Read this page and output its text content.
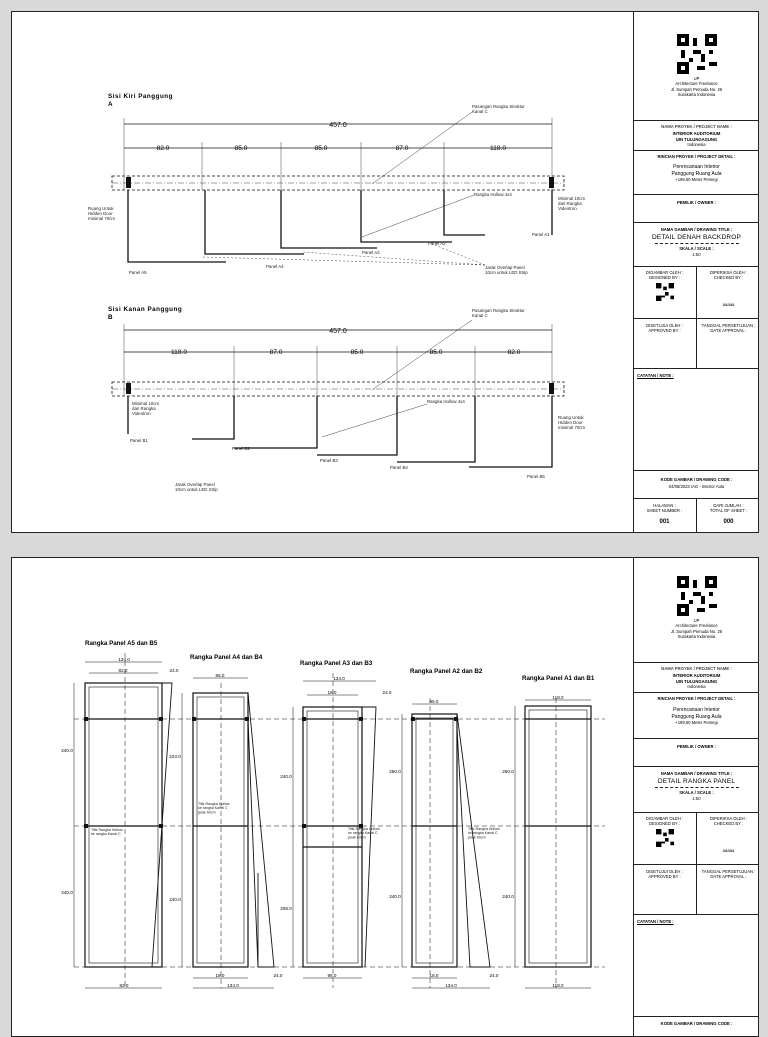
Sisi Kiri Panggung
A
457.0
82.0	85.0	85.0	87.0	118.0
Pasangan Rangka Struktur Kanal C
Rangka Hollow 4x4
Ruang Untuk Hidden Door minimal 70cm
Minimal 10cm dari Rangka Videotron
Jarak Overlap Panel 10cm untuk LED Strip
Panel A1
Panel A2
Panel A3
Panel A4
Panel A5
Sisi Kanan Panggung
B
457.0
118.0	87.0	85.0	85.0	82.0
Pasangan Rangka Struktur Kanal C
Rangka Hollow 4x4
Minimal 10cm dari Rangka Videotron
Ruang Untuk Hidden Door minimal 70cm
Jarak Overlap Panel 10cm untuk LED Strip
Panel B1
Panel B2
Panel B3
Panel B4
Panel B5
UP
Architecture Freelance
Jl. Sumpah Pemuda No. 26
Surakarta Indonesia
NAMA PROYEK / PROJECT NAME :
INTERIOR AUDITORIUM
UIN TULUNGAGUNG
Indonesia
RINCIAN PROYEK / PROJECT DETAIL :
Perencanaan Interior
Panggung Ruang Aula
+199,50 Meter Persegi
PEMILIK / OWNER :
NAMA GAMBAR / DRAWING TITLE :
DETAIL DENAH BACKDROP
SKALA / SCALE :
1:50
DIGAMBAR OLEH :
DESIGNED BY :
DIPERIKSA OLEH :
CHECKED BY :
aaaaa
DISETUJUI OLEH :
APPROVED BY :
TANGGAL PERSETUJUAN :
DATE APPROVAL :
CATATAN / NOTE :
KODE GAMBAR / DRAWING CODE :
04/08/2023 IAG - Interior Aula
HALAMAN :
SHEET NUMBER :
001
DARI JUMLAH :
TOTAL OF SHEET :
000
Rangka Panel A5 dan B5
Rangka Panel A4 dan B4
Rangka Panel A3 dan B3
Rangka Panel A2 dan B2
Rangka Panel A1 dan B1
134.0
82.0	24.0
240.0
240.0
82.0
85.0
223.0
240.0
18.0
134.0
24.0
134.0
18.0	24.0
240.0
208.0
95.0
95.0
260.0
240.0
18.0
134.0
24.0
118.0
260.0
240.0
118.0
Titik Rangka Hollow ke rangka Kanal C
Titik Rangka Hollow ke rangka Kanal C jarak 60cm
Titik Rangka Hollow ke rangka Kanal C jarak 60cm
Titik Rangka Hollow ke rangka Kanal C jarak 60cm
UP
Architecture Freelance
Jl. Sumpah Pemuda No. 26
Surakarta Indonesia
NAMA PROYEK / PROJECT NAME :
INTERIOR AUDITORIUM
UIN TULUNGAGUNG
Indonesia
RINCIAN PROYEK / PROJECT DETAIL :
Perencanaan Interior
Panggung Ruang Aula
+199,50 Meter Persegi
PEMILIK / OWNER :
NAMA GAMBAR / DRAWING TITLE :
DETAIL RANGKA PANEL
SKALA / SCALE :
1:50
DIGAMBAR OLEH :
DESIGNED BY :
DIPERIKSA OLEH :
CHECKED BY :
aaaaa
DISETUJUI OLEH :
APPROVED BY :
TANGGAL PERSETUJUAN :
DATE APPROVAL :
CATATAN / NOTE :
KODE GAMBAR / DRAWING CODE :
